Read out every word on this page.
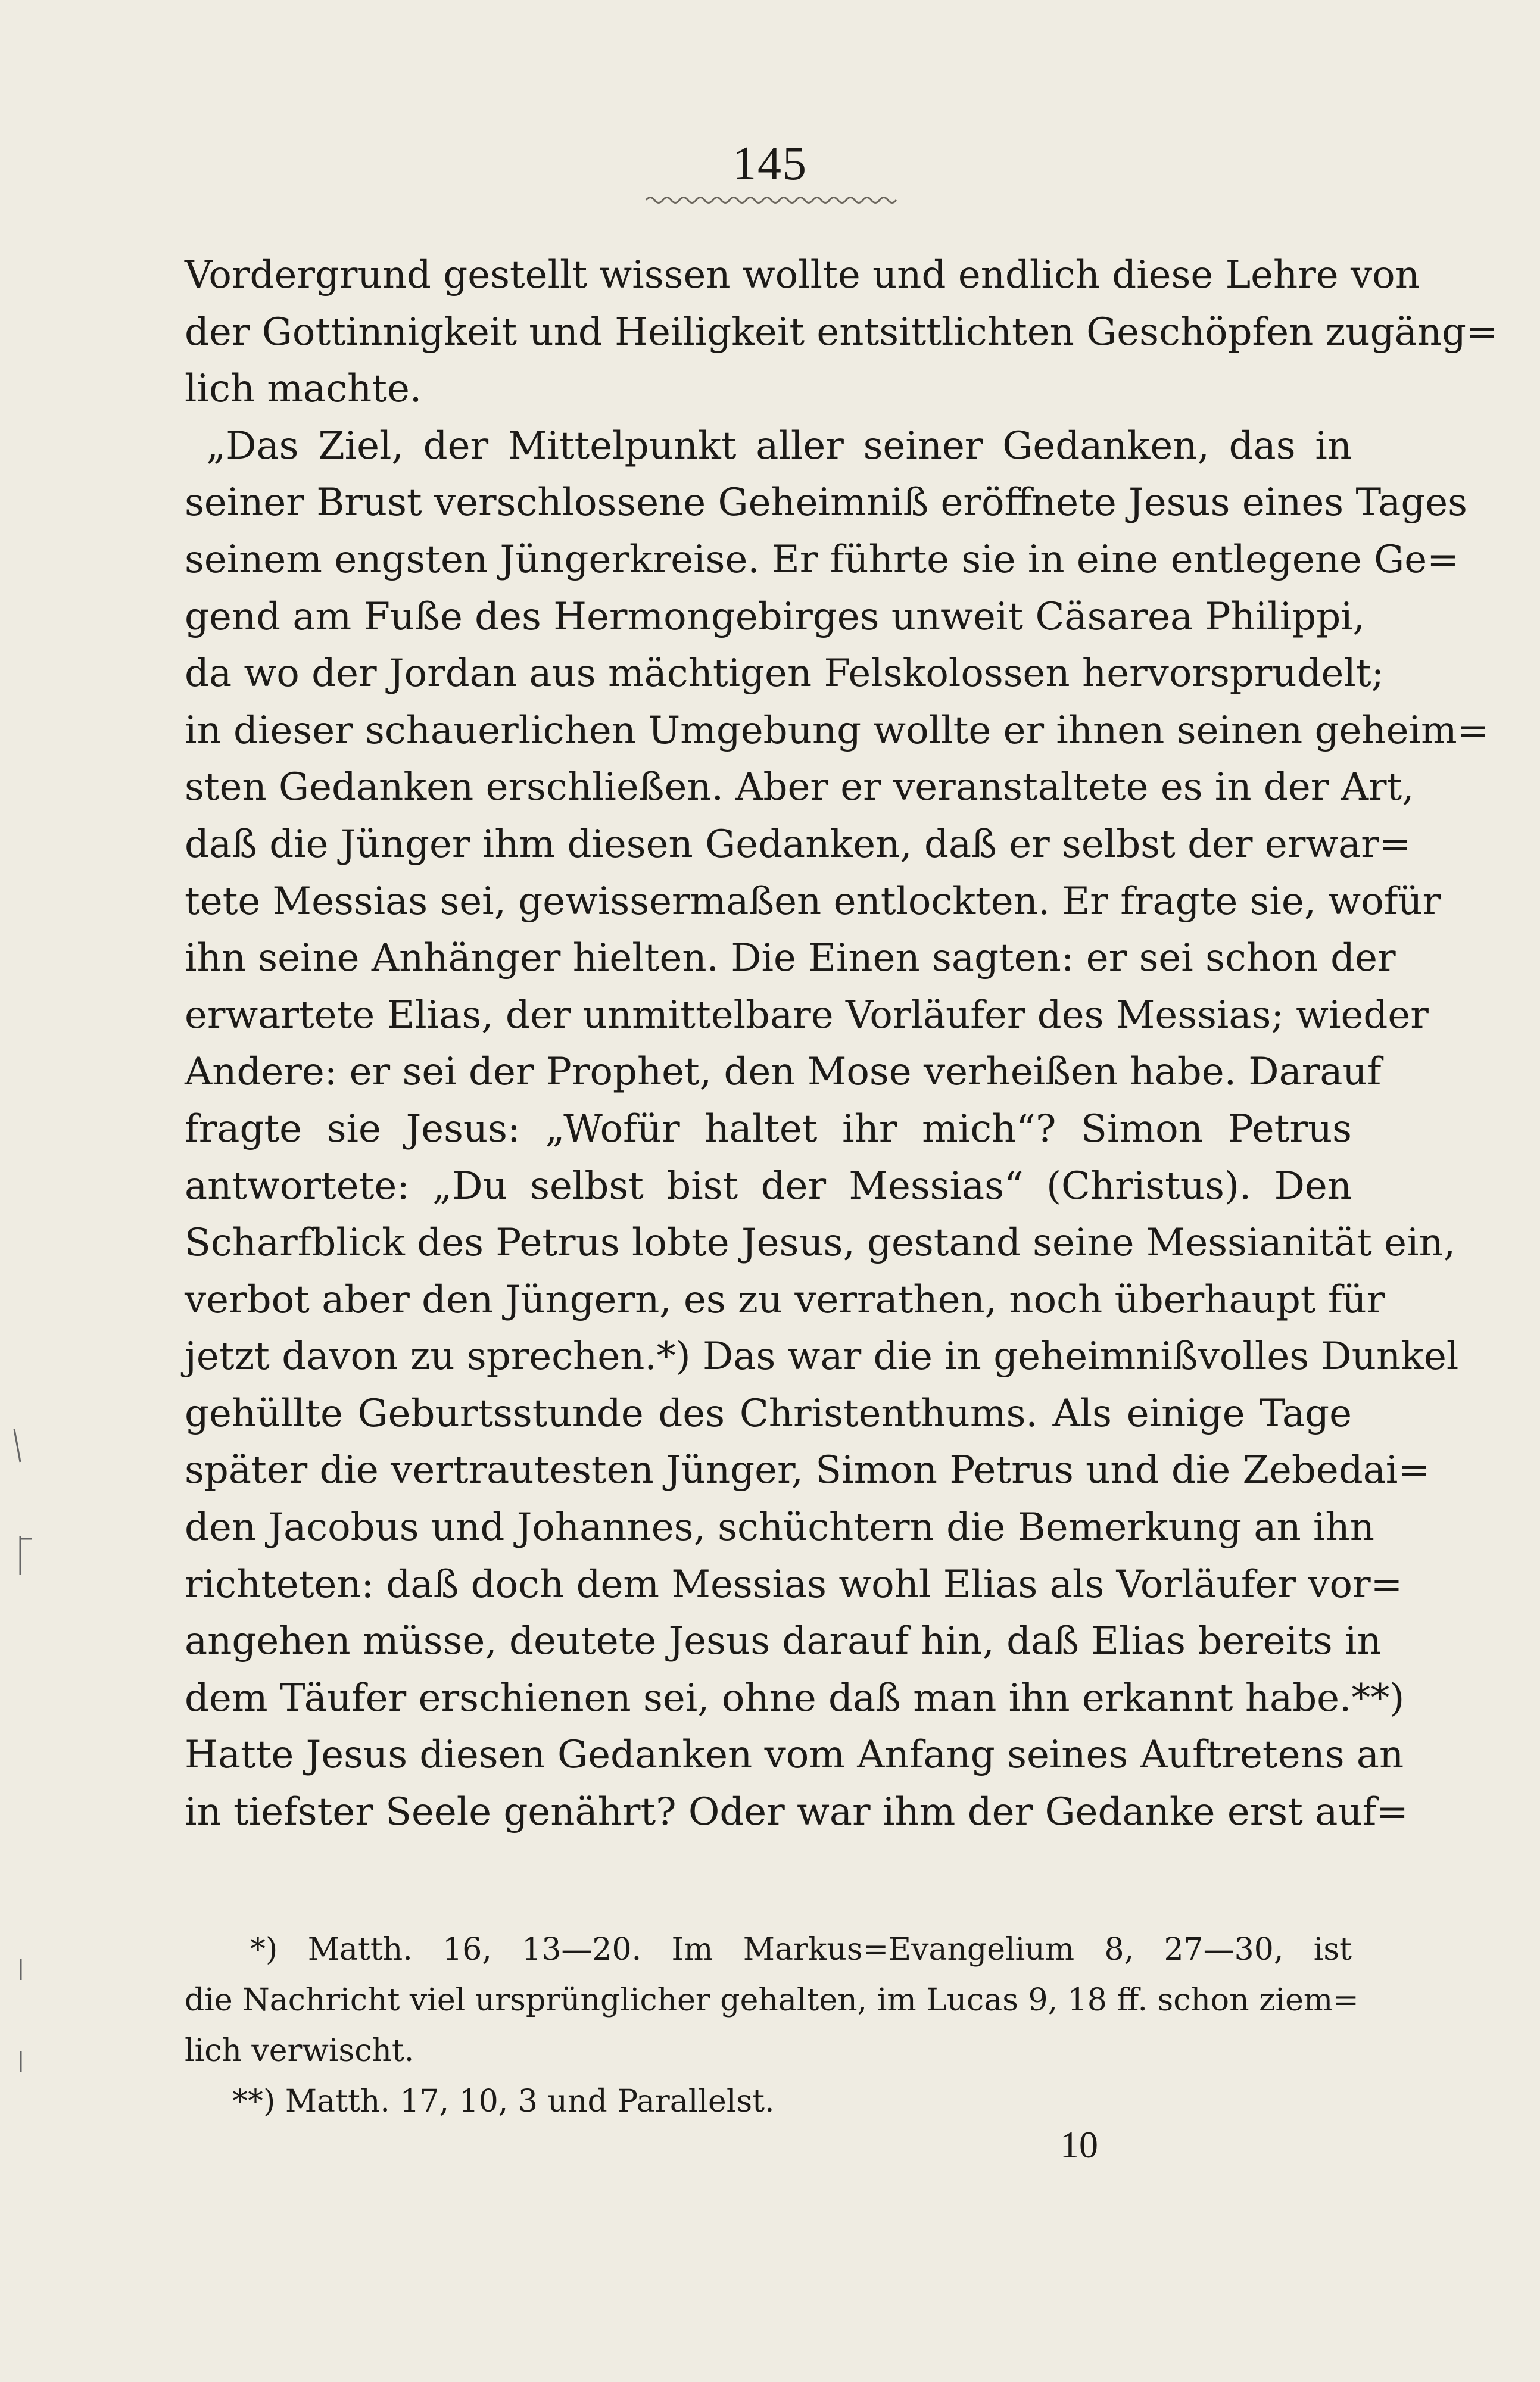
145
Vordergrund gestellt wissen wollte und endlich diese Lehre von
der Gottinnigkeit und Heiligkeit entsittlichten Geschöpfen zugäng=
lich machte.
„Das Ziel, der Mittelpunkt aller seiner Gedanken, das in
seiner Brust verschlossene Geheimniß eröffnete Jesus eines Tages
seinem engsten Jüngerkreise. Er führte sie in eine entlegene Ge=
gend am Fuße des Hermongebirges unweit Cäsarea Philippi,
da wo der Jordan aus mächtigen Felskolossen hervorsprudelt;
in dieser schauerlichen Umgebung wollte er ihnen seinen geheim=
sten Gedanken erschließen. Aber er veranstaltete es in der Art,
daß die Jünger ihm diesen Gedanken, daß er selbst der erwar=
tete Messias sei, gewissermaßen entlockten. Er fragte sie, wofür
ihn seine Anhänger hielten. Die Einen sagten: er sei schon der
erwartete Elias, der unmittelbare Vorläufer des Messias; wieder
Andere: er sei der Prophet, den Mose verheißen habe. Darauf
fragte sie Jesus: „Wofür haltet ihr mich“? Simon Petrus
antwortete: „Du selbst bist der Messias“ (Christus). Den
Scharfblick des Petrus lobte Jesus, gestand seine Messianität ein,
verbot aber den Jüngern, es zu verrathen, noch überhaupt für
jetzt davon zu sprechen.*) Das war die in geheimnißvolles Dunkel
gehüllte Geburtsstunde des Christenthums. Als einige Tage
später die vertrautesten Jünger, Simon Petrus und die Zebedai=
den Jacobus und Johannes, schüchtern die Bemerkung an ihn
richteten: daß doch dem Messias wohl Elias als Vorläufer vor=
angehen müsse, deutete Jesus darauf hin, daß Elias bereits in
dem Täufer erschienen sei, ohne daß man ihn erkannt habe.**)
Hatte Jesus diesen Gedanken vom Anfang seines Auftretens an
in tiefster Seele genährt? Oder war ihm der Gedanke erst auf=
*) Matth. 16, 13—20. Im Markus=Evangelium 8, 27—30, ist
die Nachricht viel ursprünglicher gehalten, im Lucas 9, 18 ff. schon ziem=
lich verwischt.
**) Matth. 17, 10, 3 und Parallelst.
10
